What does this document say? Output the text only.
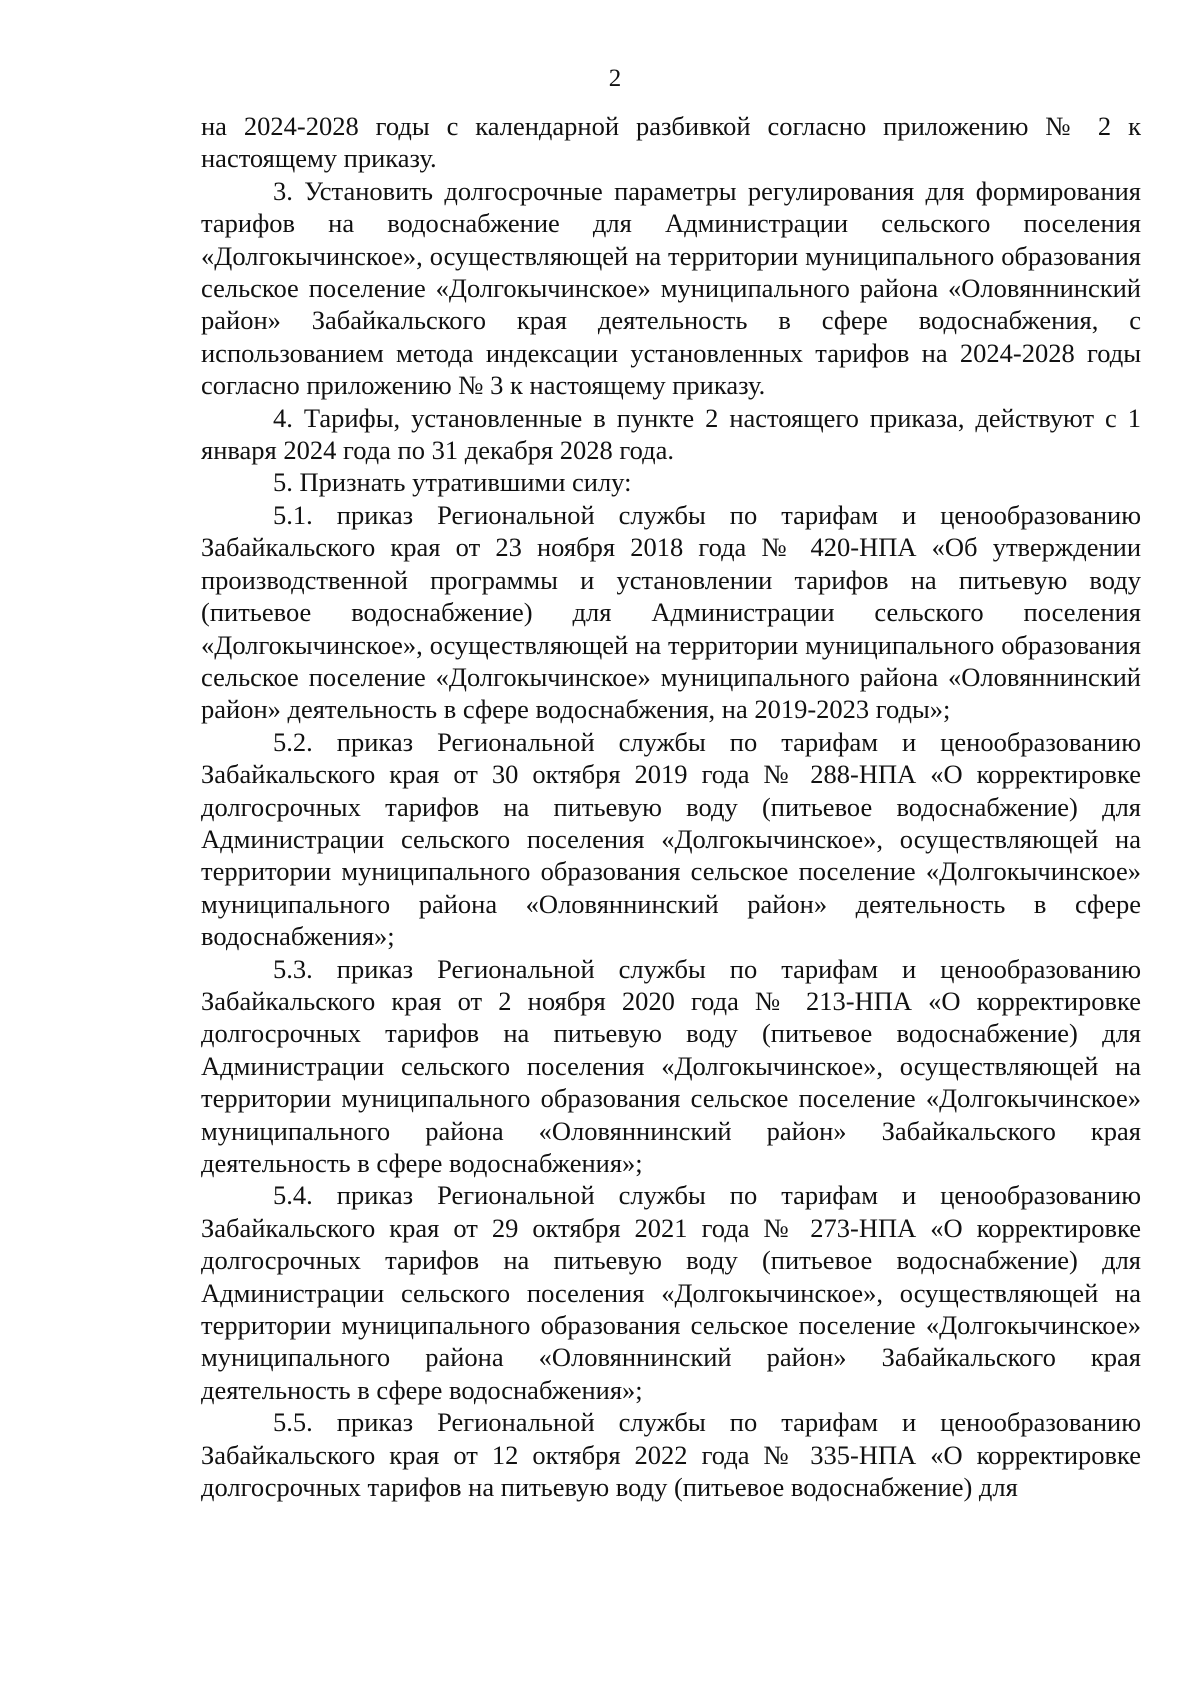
2

на 2024-2028 годы с календарной разбивкой согласно приложению № 2 к настоящему приказу.

3. Установить долгосрочные параметры регулирования для формирования тарифов на водоснабжение для Администрации сельского поселения «Долгокычинское», осуществляющей на территории муниципального образования сельское поселение «Долгокычинское» муниципального района «Оловяннинский район» Забайкальского края деятельность в сфере водоснабжения, с использованием метода индексации установленных тарифов на 2024-2028 годы согласно приложению № 3 к настоящему приказу.

4. Тарифы, установленные в пункте 2 настоящего приказа, действуют с 1 января 2024 года по 31 декабря 2028 года.

5. Признать утратившими силу:

5.1. приказ Региональной службы по тарифам и ценообразованию Забайкальского края от 23 ноября 2018 года № 420-НПА «Об утверждении производственной программы и установлении тарифов на питьевую воду (питьевое водоснабжение) для Администрации сельского поселения «Долгокычинское», осуществляющей на территории муниципального образования сельское поселение «Долгокычинское» муниципального района «Оловяннинский район» деятельность в сфере водоснабжения, на 2019-2023 годы»;

5.2. приказ Региональной службы по тарифам и ценообразованию Забайкальского края от 30 октября 2019 года № 288-НПА «О корректировке долгосрочных тарифов на питьевую воду (питьевое водоснабжение) для Администрации сельского поселения «Долгокычинское», осуществляющей на территории муниципального образования сельское поселение «Долгокычинское» муниципального района «Оловяннинский район» деятельность в сфере водоснабжения»;

5.3. приказ Региональной службы по тарифам и ценообразованию Забайкальского края от 2 ноября 2020 года № 213-НПА «О корректировке долгосрочных тарифов на питьевую воду (питьевое водоснабжение) для Администрации сельского поселения «Долгокычинское», осуществляющей на территории муниципального образования сельское поселение «Долгокычинское» муниципального района «Оловяннинский район» Забайкальского края деятельность в сфере водоснабжения»;

5.4. приказ Региональной службы по тарифам и ценообразованию Забайкальского края от 29 октября 2021 года № 273-НПА «О корректировке долгосрочных тарифов на питьевую воду (питьевое водоснабжение) для Администрации сельского поселения «Долгокычинское», осуществляющей на территории муниципального образования сельское поселение «Долгокычинское» муниципального района «Оловяннинский район» Забайкальского края деятельность в сфере водоснабжения»;

5.5. приказ Региональной службы по тарифам и ценообразованию Забайкальского края от 12 октября 2022 года № 335-НПА «О корректировке долгосрочных тарифов на питьевую воду (питьевое водоснабжение) для
